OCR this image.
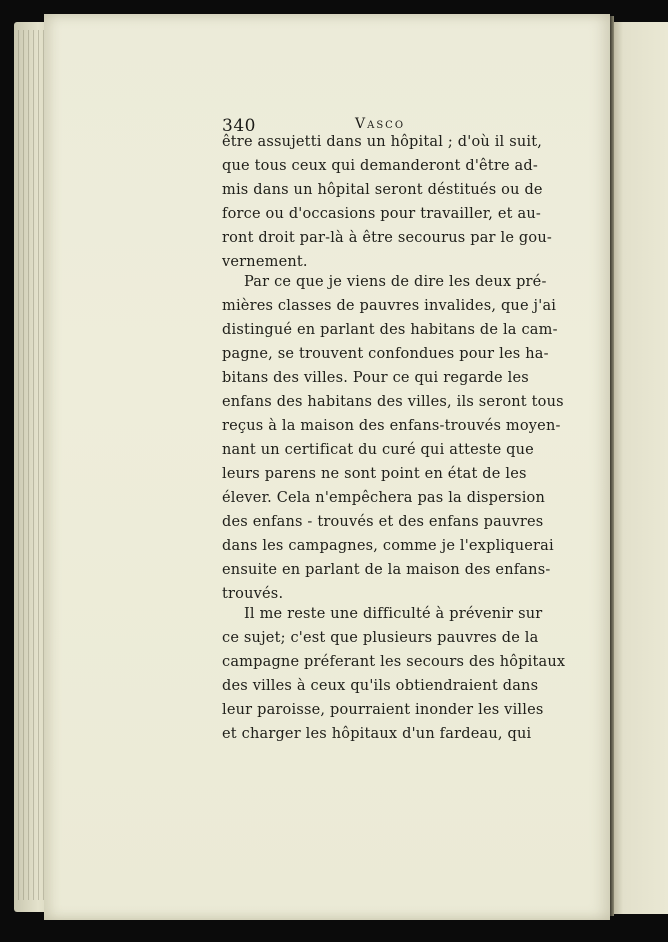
340	Vasco
être assujetti dans un hôpital ; d'où il suit,
que tous ceux qui demanderont d'être ad-
mis dans un hôpital seront déstitués ou de
force ou d'occasions pour travailler, et au-
ront droit par-là à être secourus par le gou-
vernement.
Par ce que je viens de dire les deux pré-
mières classes de pauvres invalides, que j'ai
distingué en parlant des habitans de la cam-
pagne, se trouvent confondues pour les ha-
bitans des villes. Pour ce qui regarde les
enfans des habitans des villes, ils seront tous
reçus à la maison des enfans-trouvés moyen-
nant un certificat du curé qui atteste que
leurs parens ne sont point en état de les
élever. Cela n'empêchera pas la dispersion
des enfans - trouvés et des enfans pauvres
dans les campagnes, comme je l'expliquerai
ensuite en parlant de la maison des enfans-
trouvés.
Il me reste une difficulté à prévenir sur
ce sujet; c'est que plusieurs pauvres de la
campagne préferant les secours des hôpitaux
des villes à ceux qu'ils obtiendraient dans
leur paroisse, pourraient inonder les villes
et charger les hôpitaux d'un fardeau, qui
